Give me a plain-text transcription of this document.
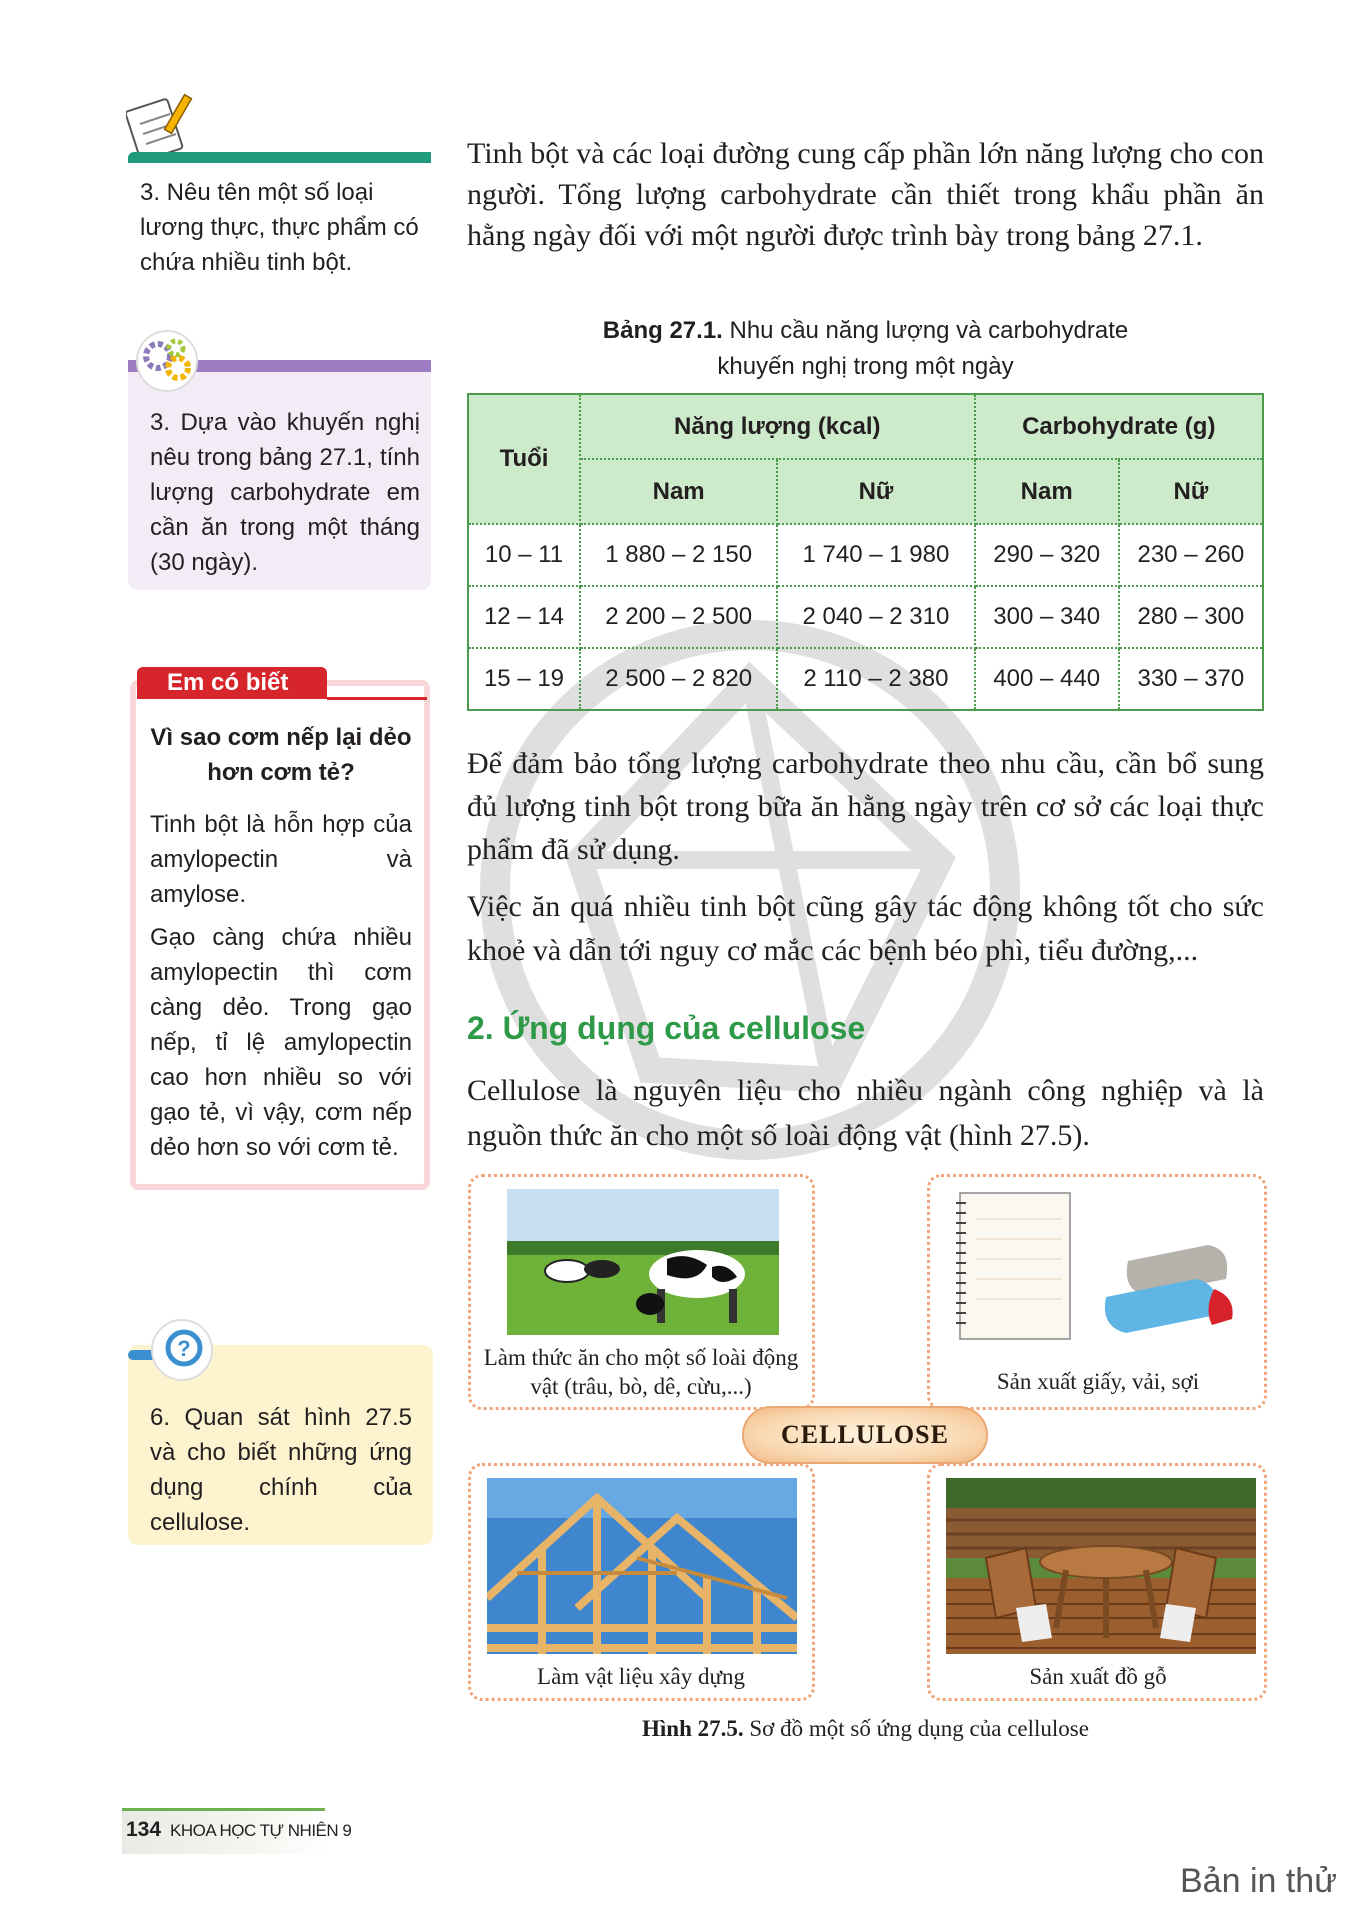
3. Nêu tên một số loại lương thực, thực phẩm có chứa nhiều tinh bột.
3. Dựa vào khuyến nghị nêu trong bảng 27.1, tính lượng carbohydrate em cần ăn trong một tháng (30 ngày).
Em có biết
Vì sao cơm nếp lại dẻo hơn cơm tẻ?
Tinh bột là hỗn hợp của amylopectin và amylose.
Gạo càng chứa nhiều amylopectin thì cơm càng dẻo. Trong gạo nếp, tỉ lệ amylopectin cao hơn nhiều so với gạo tẻ, vì vậy, cơm nếp dẻo hơn so với cơm tẻ.
?
6. Quan sát hình 27.5 và cho biết những ứng dụng chính của cellulose.
Tinh bột và các loại đường cung cấp phần lớn năng lượng cho con người. Tổng lượng carbohydrate cần thiết trong khẩu phần ăn hằng ngày đối với một người được trình bày trong bảng 27.1.
Bảng 27.1. Nhu cầu năng lượng và carbohydrate
khuyến nghị trong một ngày
Tuổi	Năng lượng (kcal)		Carbohydrate (g)	
	Nam	Nữ	Nam	Nữ
10 – 11	1 880 – 2 150	1 740 – 1 980	290 – 320	230 – 260
12 – 14	2 200 – 2 500	2 040 – 2 310	300 – 340	280 – 300
15 – 19	2 500 – 2 820	2 110 – 2 380	400 – 440	330 – 370
Để đảm bảo tổng lượng carbohydrate theo nhu cầu, cần bổ sung đủ lượng tinh bột trong bữa ăn hằng ngày trên cơ sở các loại thực phẩm đã sử dụng.
Việc ăn quá nhiều tinh bột cũng gây tác động không tốt cho sức khoẻ và dẫn tới nguy cơ mắc các bệnh béo phì, tiểu đường,...
2. Ứng dụng của cellulose
Cellulose là nguyên liệu cho nhiều ngành công nghiệp và là nguồn thức ăn cho một số loài động vật (hình 27.5).
Làm thức ăn cho một số loài động vật (trâu, bò, dê, cừu,...)	Sản xuất giấy, vải, sợi
Làm vật liệu xây dựng	Sản xuất đồ gỗ
CELLULOSE
Hình 27.5. Sơ đồ một số ứng dụng của cellulose
134 KHOA HỌC TỰ NHIÊN 9
Bản in thử
